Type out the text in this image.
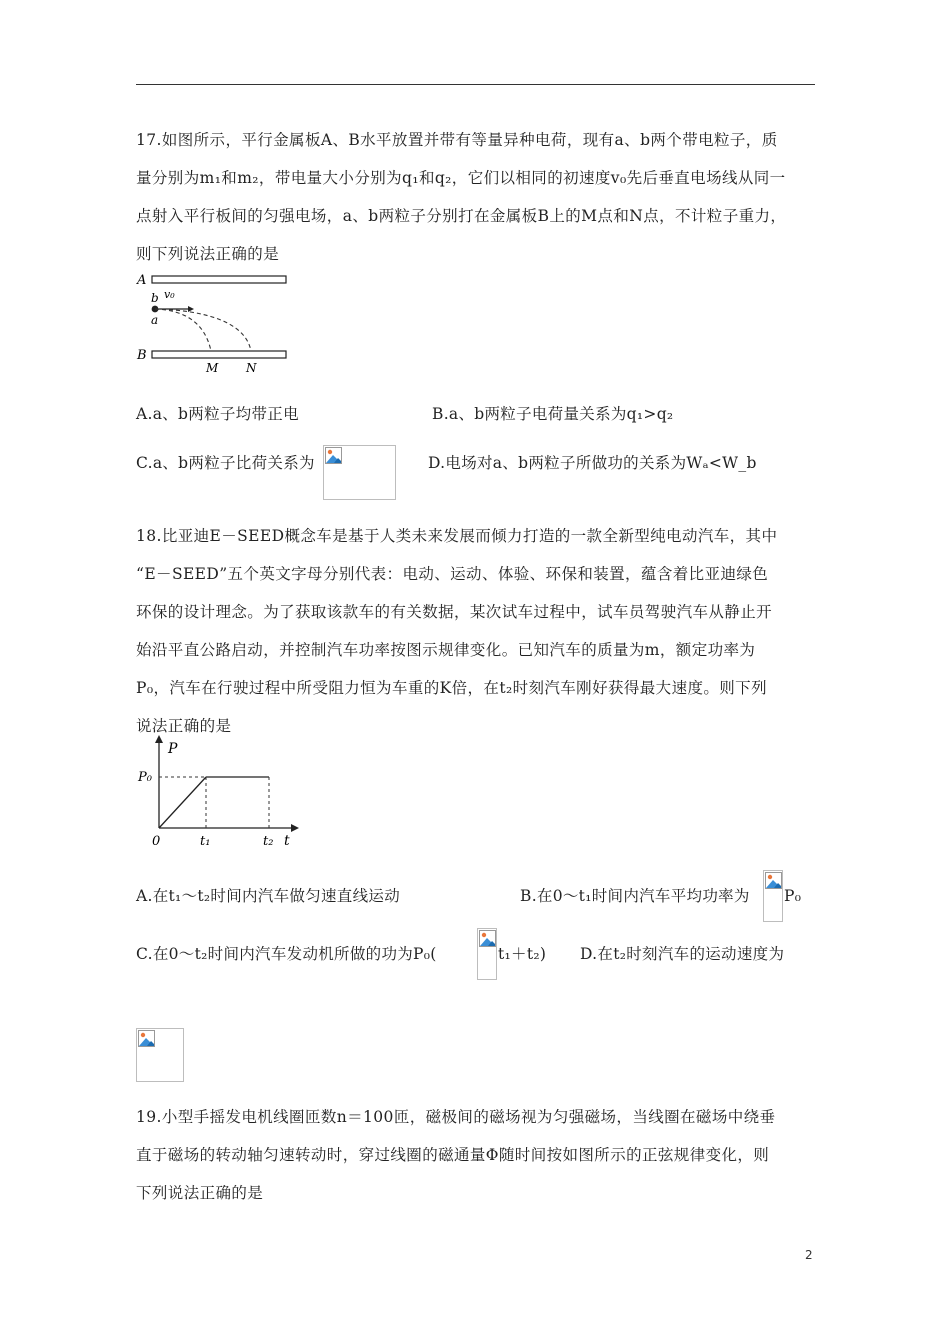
17.如图所示，平行金属板A、B水平放置并带有等量异种电荷，现有a、b两个带电粒子，质
量分别为m₁和m₂，带电量大小分别为q₁和q₂，它们以相同的初速度v₀先后垂直电场线从同一
点射入平行板间的匀强电场，a、b两粒子分别打在金属板B上的M点和N点，不计粒子重力，
则下列说法正确的是
A
b v₀
a
B
M N
A.a、b两粒子均带正电	B.a、b两粒子电荷量关系为q₁>q₂
C.a、b两粒子比荷关系为	D.电场对a、b两粒子所做功的关系为Wₐ<W_b
18.比亚迪E－SEED概念车是基于人类未来发展而倾力打造的一款全新型纯电动汽车，其中
“E－SEED”五个英文字母分别代表：电动、运动、体验、环保和装置，蕴含着比亚迪绿色
环保的设计理念。为了获取该款车的有关数据，某次试车过程中，试车员驾驶汽车从静止开
始沿平直公路启动，并控制汽车功率按图示规律变化。已知汽车的质量为m，额定功率为
P₀，汽车在行驶过程中所受阻力恒为车重的K倍，在t₂时刻汽车刚好获得最大速度。则下列
说法正确的是
P
t
P₀
0	t₁	t₂
A.在t₁～t₂时间内汽车做匀速直线运动	B.在0～t₁时间内汽车平均功率为 P₀
C.在0～t₂时间内汽车发动机所做的功为P₀(	t₁＋t₂) D.在t₂时刻汽车的运动速度为
19.小型手摇发电机线圈匝数n＝100匝，磁极间的磁场视为匀强磁场，当线圈在磁场中绕垂
直于磁场的转动轴匀速转动时，穿过线圈的磁通量Φ随时间按如图所示的正弦规律变化，则
下列说法正确的是
2
